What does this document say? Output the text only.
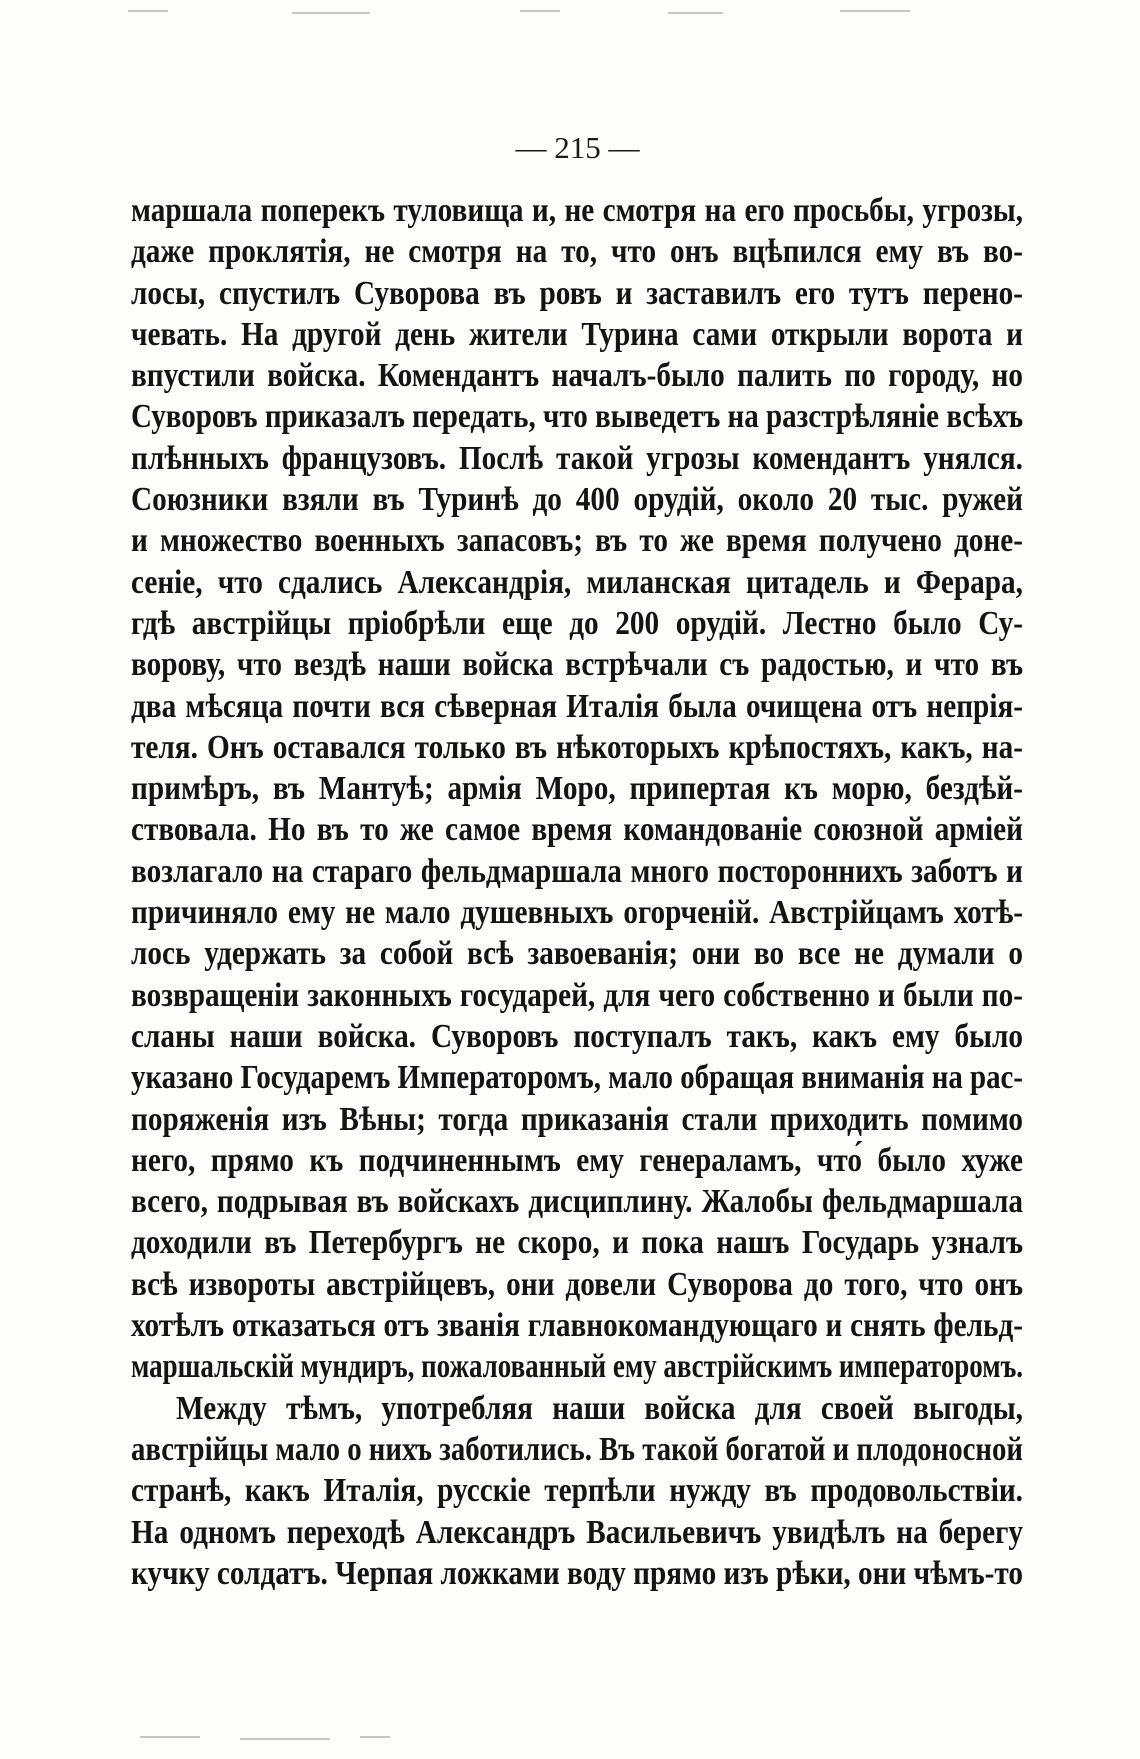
— 215 —
маршала поперекъ туловища и, не смотря на его просьбы, угрозы,
даже проклятія, не смотря на то, что онъ вцѣпился ему въ во-
лосы, спустилъ Суворова въ ровъ и заставилъ его тутъ перено-
чевать. На другой день жители Турина сами открыли ворота и
впустили войска. Комендантъ началъ-было палить по городу, но
Суворовъ приказалъ передать, что выведетъ на разстрѣляніе всѣхъ
плѣнныхъ французовъ. Послѣ такой угрозы комендантъ унялся.
Союзники взяли въ Туринѣ до 400 орудій, около 20 тыс. ружей
и множество военныхъ запасовъ; въ то же время получено доне-
сеніе, что сдались Александрія, миланская цитадель и Ферара,
гдѣ австрійцы пріобрѣли еще до 200 орудій. Лестно было Су-
ворову, что вездѣ наши войска встрѣчали съ радостью, и что въ
два мѣсяца почти вся сѣверная Италія была очищена отъ непрія-
теля. Онъ оставался только въ нѣкоторыхъ крѣпостяхъ, какъ, на-
примѣръ, въ Мантуѣ; армія Моро, припертая къ морю, бездѣй-
ствовала. Но въ то же самое время командованіе союзной арміей
возлагало на стараго фельдмаршала много постороннихъ заботъ и
причиняло ему не мало душевныхъ огорченій. Австрійцамъ хотѣ-
лось удержать за собой всѣ завоеванія; они во все не думали о
возвращеніи законныхъ государей, для чего собственно и были по-
сланы наши войска. Суворовъ поступалъ такъ, какъ ему было
указано Государемъ Императоромъ, мало обращая вниманія на рас-
поряженія изъ Вѣны; тогда приказанія стали приходить помимо
него, прямо къ подчиненнымъ ему генераламъ, что́ было хуже
всего, подрывая въ войскахъ дисциплину. Жалобы фельдмаршала
доходили въ Петербургъ не скоро, и пока нашъ Государь узналъ
всѣ извороты австрійцевъ, они довели Суворова до того, что онъ
хотѣлъ отказаться отъ званія главнокомандующаго и снять фельд-
маршальскій мундиръ, пожалованный ему австрійскимъ императоромъ.
Между тѣмъ, употребляя наши войска для своей выгоды,
австрійцы мало о нихъ заботились. Въ такой богатой и плодоносной
странѣ, какъ Италія, русскіе терпѣли нужду въ продовольствіи.
На одномъ переходѣ Александръ Васильевичъ увидѣлъ на берегу
кучку солдатъ. Черпая ложками воду прямо изъ рѣки, они чѣмъ-то
